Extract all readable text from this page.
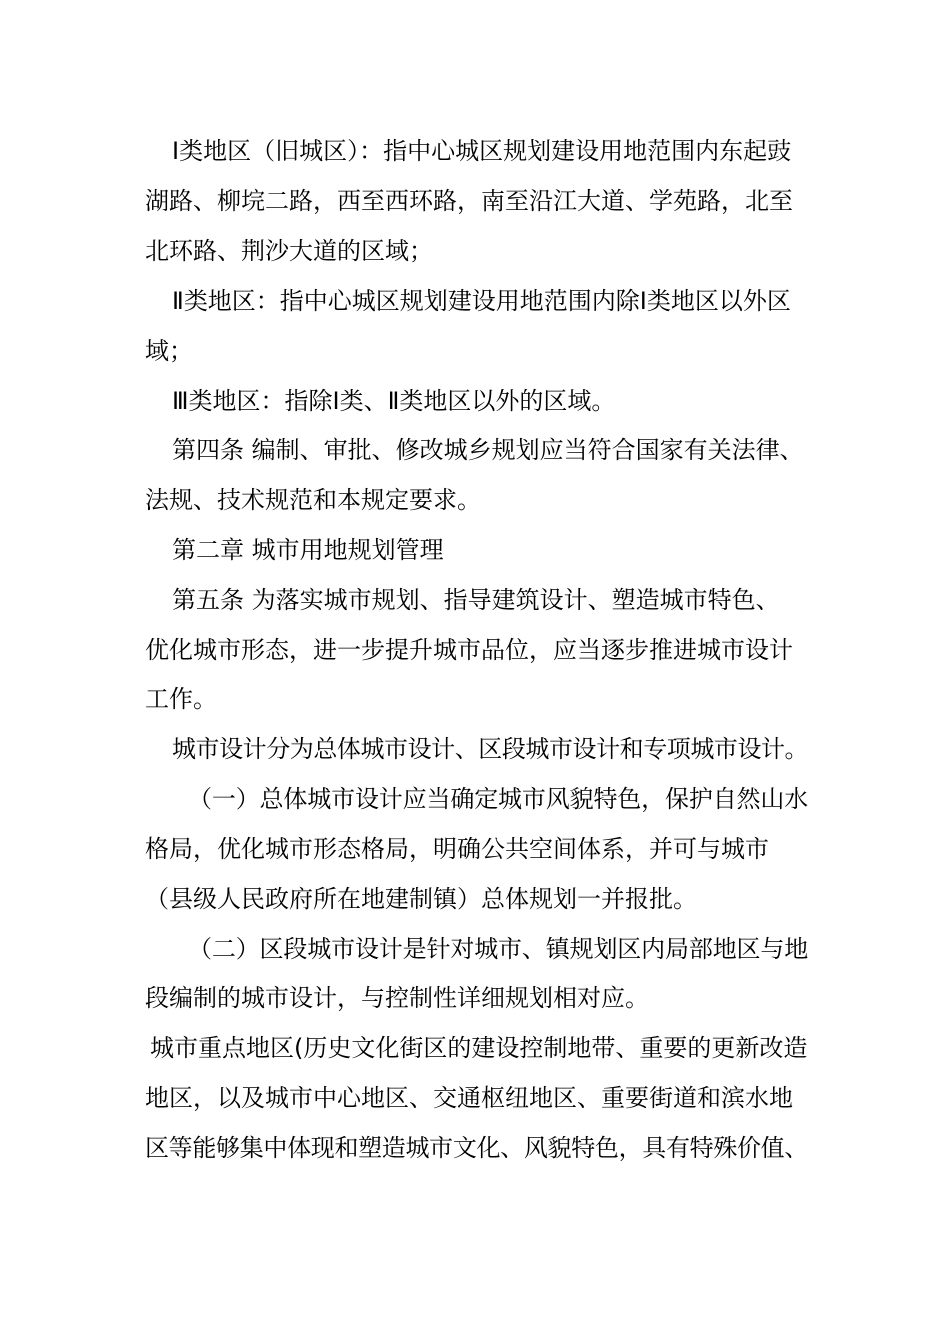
Ⅰ类地区（旧城区）：指中心城区规划建设用地范围内东起豉
湖路、柳垸二路，西至西环路，南至沿江大道、学苑路，北至
北环路、荆沙大道的区域；
Ⅱ类地区：指中心城区规划建设用地范围内除Ⅰ类地区以外区
域；
Ⅲ类地区：指除Ⅰ类、Ⅱ类地区以外的区域。
第四条 编制、审批、修改城乡规划应当符合国家有关法律、
法规、技术规范和本规定要求。
第二章 城市用地规划管理
第五条 为落实城市规划、指导建筑设计、塑造城市特色、
优化城市形态，进一步提升城市品位，应当逐步推进城市设计
工作。
城市设计分为总体城市设计、区段城市设计和专项城市设计。
（一）总体城市设计应当确定城市风貌特色，保护自然山水
格局，优化城市形态格局，明确公共空间体系，并可与城市
（县级人民政府所在地建制镇）总体规划一并报批。
（二）区段城市设计是针对城市、镇规划区内局部地区与地
段编制的城市设计，与控制性详细规划相对应。
城市重点地区(历史文化街区的建设控制地带、重要的更新改造
地区，以及城市中心地区、交通枢纽地区、重要街道和滨水地
区等能够集中体现和塑造城市文化、风貌特色，具有特殊价值、
